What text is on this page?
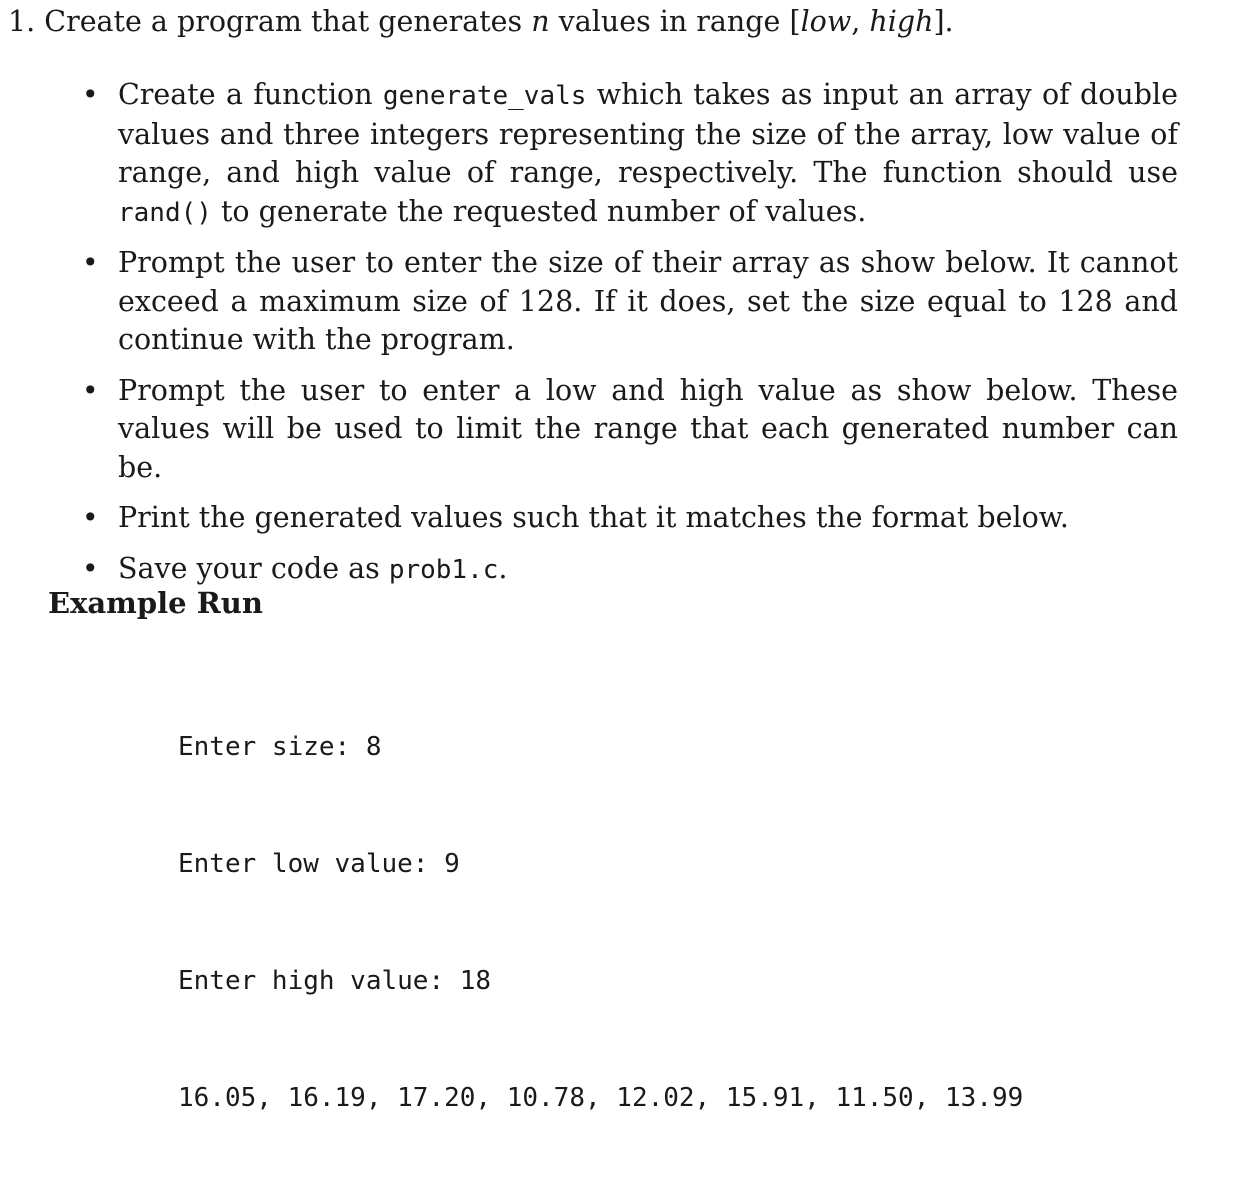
1. Create a program that generates n values in range [low, high].
• Create a function generate_vals which takes as input an array of double values and three integers representing the size of the array, low value of range, and high value of range, respectively. The function should use rand() to generate the requested number of values.
• Prompt the user to enter the size of their array as show below. It cannot exceed a maximum size of 128. If it does, set the size equal to 128 and continue with the program.
• Prompt the user to enter a low and high value as show below. These values will be used to limit the range that each generated number can be.
• Print the generated values such that it matches the format below.
• Save your code as prob1.c.
Example Run

Enter size: 8

Enter low value: 9

Enter high value: 18

16.05, 16.19, 17.20, 10.78, 12.02, 15.91, 11.50, 13.99
